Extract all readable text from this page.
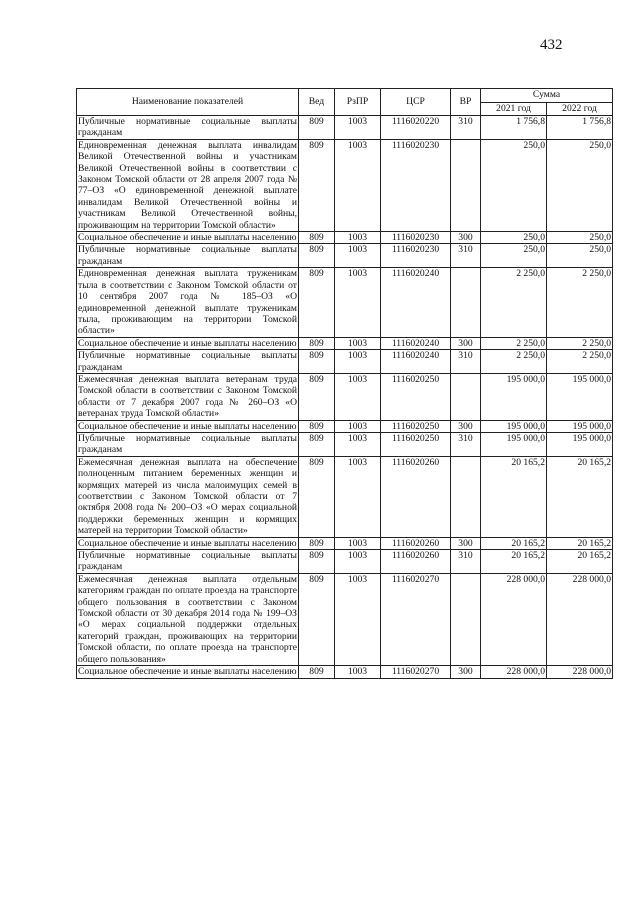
432
Наименование показателей	Вед	РзПР	ЦСР	ВР	Сумма	
					2021 год	2022 год
Публичные нормативные социальные выплаты гражданам	809	1003	1116020220	310	1 756,8	1 756,8
Единовременная денежная выплата инвалидам Великой Отечественной войны и участникам Великой Отечественной войны в соответствии с Законом Томской области от 28 апреля 2007 года № 77–ОЗ «О единовременной денежной выплате инвалидам Великой Отечественной войны и участникам Великой Отечественной войны, проживающим на территории Томской области»	809	1003	1116020230		250,0	250,0
Социальное обеспечение и иные выплаты населению	809	1003	1116020230	300	250,0	250,0
Публичные нормативные социальные выплаты гражданам	809	1003	1116020230	310	250,0	250,0
Единовременная денежная выплата труженикам тыла в соответствии с Законом Томской области от 10 сентября 2007 года № 185–ОЗ «О единовременной денежной выплате труженикам тыла, проживающим на территории Томской области»	809	1003	1116020240		2 250,0	2 250,0
Социальное обеспечение и иные выплаты населению	809	1003	1116020240	300	2 250,0	2 250,0
Публичные нормативные социальные выплаты гражданам	809	1003	1116020240	310	2 250,0	2 250,0
Ежемесячная денежная выплата ветеранам труда Томской области в соответствии с Законом Томской области от 7 декабря 2007 года № 260–ОЗ «О ветеранах труда Томской области»	809	1003	1116020250		195 000,0	195 000,0
Социальное обеспечение и иные выплаты населению	809	1003	1116020250	300	195 000,0	195 000,0
Публичные нормативные социальные выплаты гражданам	809	1003	1116020250	310	195 000,0	195 000,0
Ежемесячная денежная выплата на обеспечение полноценным питанием беременных женщин и кормящих матерей из числа малоимущих семей в соответствии с Законом Томской области от 7 октября 2008 года № 200–ОЗ «О мерах социальной поддержки беременных женщин и кормящих матерей на территории Томской области»	809	1003	1116020260		20 165,2	20 165,2
Социальное обеспечение и иные выплаты населению	809	1003	1116020260	300	20 165,2	20 165,2
Публичные нормативные социальные выплаты гражданам	809	1003	1116020260	310	20 165,2	20 165,2
Ежемесячная денежная выплата отдельным категориям граждан по оплате проезда на транспорте общего пользования в соответствии с Законом Томской области от 30 декабря 2014 года № 199–ОЗ «О мерах социальной поддержки отдельных категорий граждан, проживающих на территории Томской области, по оплате проезда на транспорте общего пользования»	809	1003	1116020270		228 000,0	228 000,0
Социальное обеспечение и иные выплаты населению	809	1003	1116020270	300	228 000,0	228 000,0
